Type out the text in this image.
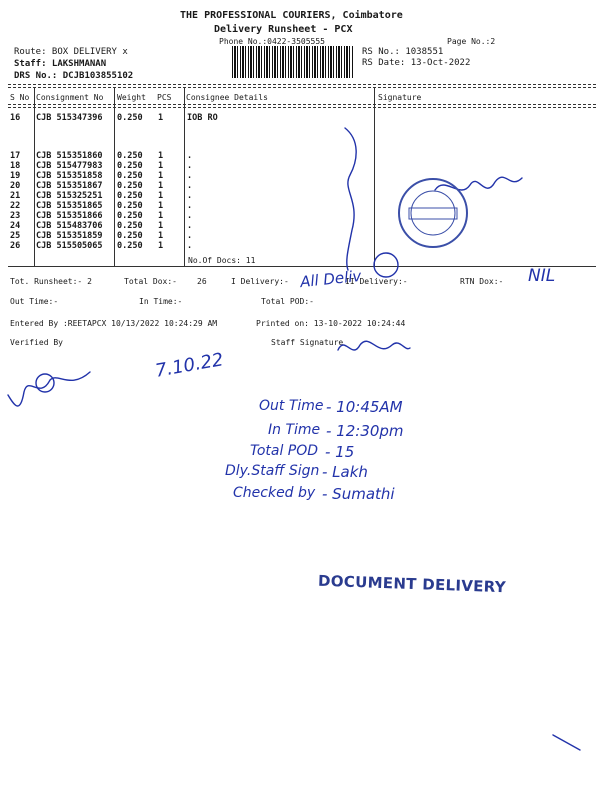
THE PROFESSIONAL COURIERS, Coimbatore
Delivery Runsheet - PCX
Phone No.:0422-3505555	Page No.:2
Route: BOX DELIVERY x
Staff: LAKSHMANAN
DRS No.: DCJB103855102
RS No.: 1038551
RS Date: 13-Oct-2022
S No Consignment No Weight PCS Consignee Details	Signature
16 CJB 515347396 0.250 1	IOB RO
17 CJB 515351860 0.250 1	.
18 CJB 515477983 0.250 1	.
19 CJB 515351858 0.250 1	.
20 CJB 515351867 0.250 1	.
21 CJB 515325251 0.250 1	.
22 CJB 515351865 0.250 1	.
23 CJB 515351866 0.250 1	.
24 CJB 515483706 0.250 1	.
25 CJB 515351859 0.250 1	.
26 CJB 515505065 0.250 1	.
No.Of Docs: 11
Tot. Runsheet:- 2	Total Dox:-	26	I Delivery:-	II Delivery:-	RTN Dox:-
Out Time:-	In Time:-	Total POD:-
Entered By :REETAPCX 10/13/2022 10:24:29 AM	Printed on: 13-10-2022 10:24:44
Verified By	Staff Signature
All Deliv	NIL
7.10.22
Out Time - 10:45AM
In Time - 12:30pm
Total POD - 15
Dly.Staff Sign - Lakh
Checked by - Sumathi
DOCUMENT DELIVERY
